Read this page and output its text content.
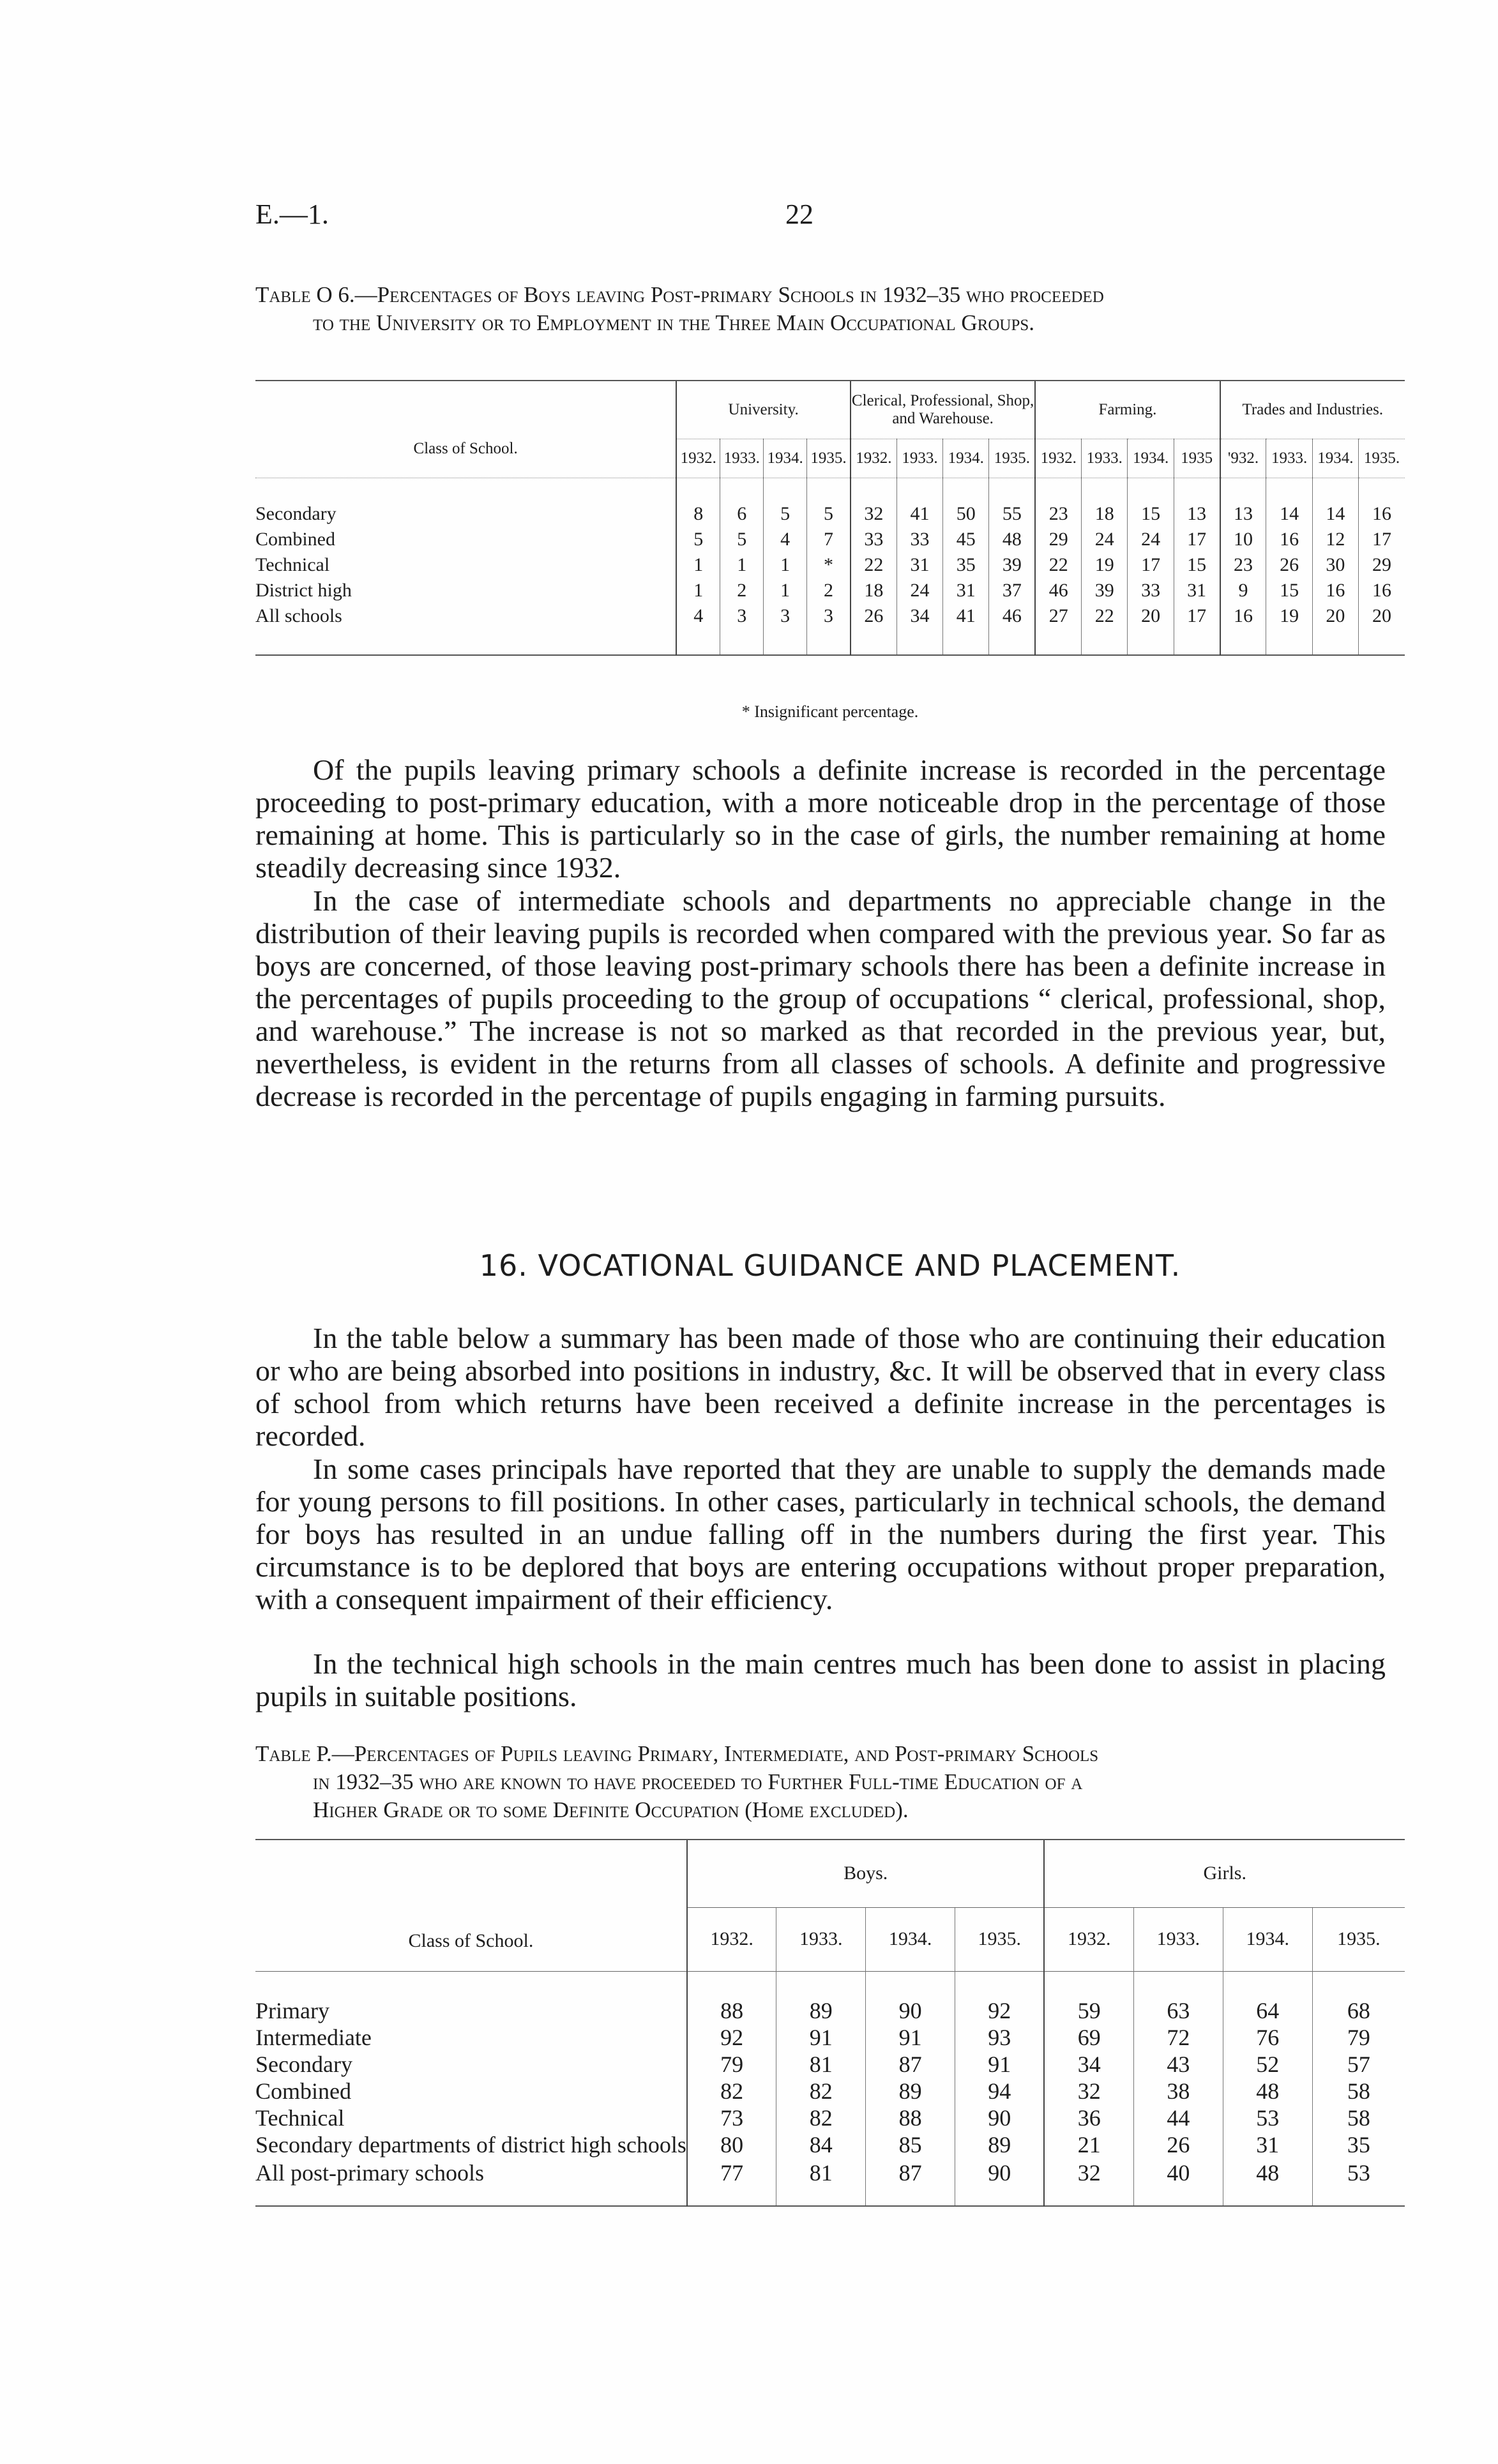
E.—1.	22
Table O 6.—Percentages of Boys leaving Post-primary Schools in 1932–35 who proceeded
to the University or to Employment in the Three Main Occupational Groups.

Class of School.	University.				Clerical, Professional, Shop, and Warehouse.				Farming.				Trades and Industries.			
	1932.	1933.	1934.	1935.	1932.	1933.	1934.	1935.	1932.	1933.	1934.	1935	'932.	1933.	1934.	1935.

Secondary	8	6	5	5	32	41	50	55	23	18	15	13	13	14	14	16
Combined	5	5	4	7	33	33	45	48	29	24	24	17	10	16	12	17
Technical	1	1	1	*	22	31	35	39	22	19	17	15	23	26	30	29
District high	1	2	1	2	18	24	31	37	46	39	33	31	9	15	16	16
All schools	4	3	3	3	26	34	41	46	27	22	20	17	16	19	20	20

* Insignificant percentage.

Of the pupils leaving primary schools a definite increase is recorded in the percentage proceeding to post-primary education, with a more noticeable drop in the percentage of those remaining at home. This is particularly so in the case of girls, the number remaining at home steadily decreasing since 1932.

In the case of intermediate schools and departments no appreciable change in the distribution of their leaving pupils is recorded when compared with the previous year. So far as boys are concerned, of those leaving post-primary schools there has been a definite increase in the percentages of pupils proceeding to the group of occupations “ clerical, professional, shop, and warehouse.” The increase is not so marked as that recorded in the previous year, but, nevertheless, is evident in the returns from all classes of schools. A definite and progressive decrease is recorded in the percentage of pupils engaging in farming pursuits.

16. VOCATIONAL GUIDANCE AND PLACEMENT.

In the table below a summary has been made of those who are continuing their education or who are being absorbed into positions in industry, &c. It will be observed that in every class of school from which returns have been received a definite increase in the percentages is recorded.

In some cases principals have reported that they are unable to supply the demands made for young persons to fill positions. In other cases, particularly in technical schools, the demand for boys has resulted in an undue falling off in the numbers during the first year. This circumstance is to be deplored that boys are entering occupations without proper preparation, with a consequent impairment of their efficiency.

In the technical high schools in the main centres much has been done to assist in placing pupils in suitable positions.

Table P.—Percentages of Pupils leaving Primary, Intermediate, and Post-primary Schools
in 1932–35 who are known to have proceeded to Further Full-time Education of a
Higher Grade or to some Definite Occupation (Home excluded).

Class of School.	Boys.				Girls.			
	1932.	1933.	1934.	1935.	1932.	1933.	1934.	1935.

Primary	88	89	90	92	59	63	64	68
Intermediate	92	91	91	93	69	72	76	79
Secondary	79	81	87	91	34	43	52	57
Combined	82	82	89	94	32	38	48	58
Technical	73	82	88	90	36	44	53	58
Secondary departments of district high schools	80	84	85	89	21	26	31	35
All post-primary schools	77	81	87	90	32	40	48	53
